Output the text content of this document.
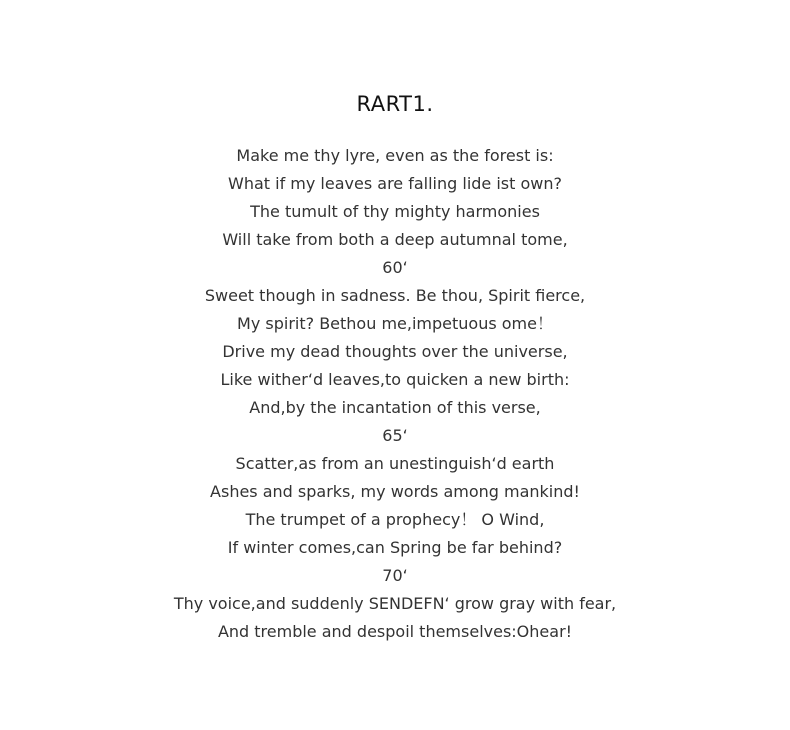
RART1.
Make me thy lyre, even as the forest is:
What if my leaves are falling lide ist own?
The tumult of thy mighty harmonies
Will take from both a deep autumnal tome,
60‘
Sweet though in sadness. Be thou, Spirit fierce,
My spirit? Bethou me,impetuous ome！
Drive my dead thoughts over the universe,
Like wither‘d leaves,to quicken a new birth:
And,by the incantation of this verse,
65‘
Scatter,as from an unestinguish‘d earth
Ashes and sparks, my words among mankind!
The trumpet of a prophecy！ O Wind,
If winter comes,can Spring be far behind?
70‘
Thy voice,and suddenly SENDEFN‘ grow gray with fear,
And tremble and despoil themselves:Ohear!
